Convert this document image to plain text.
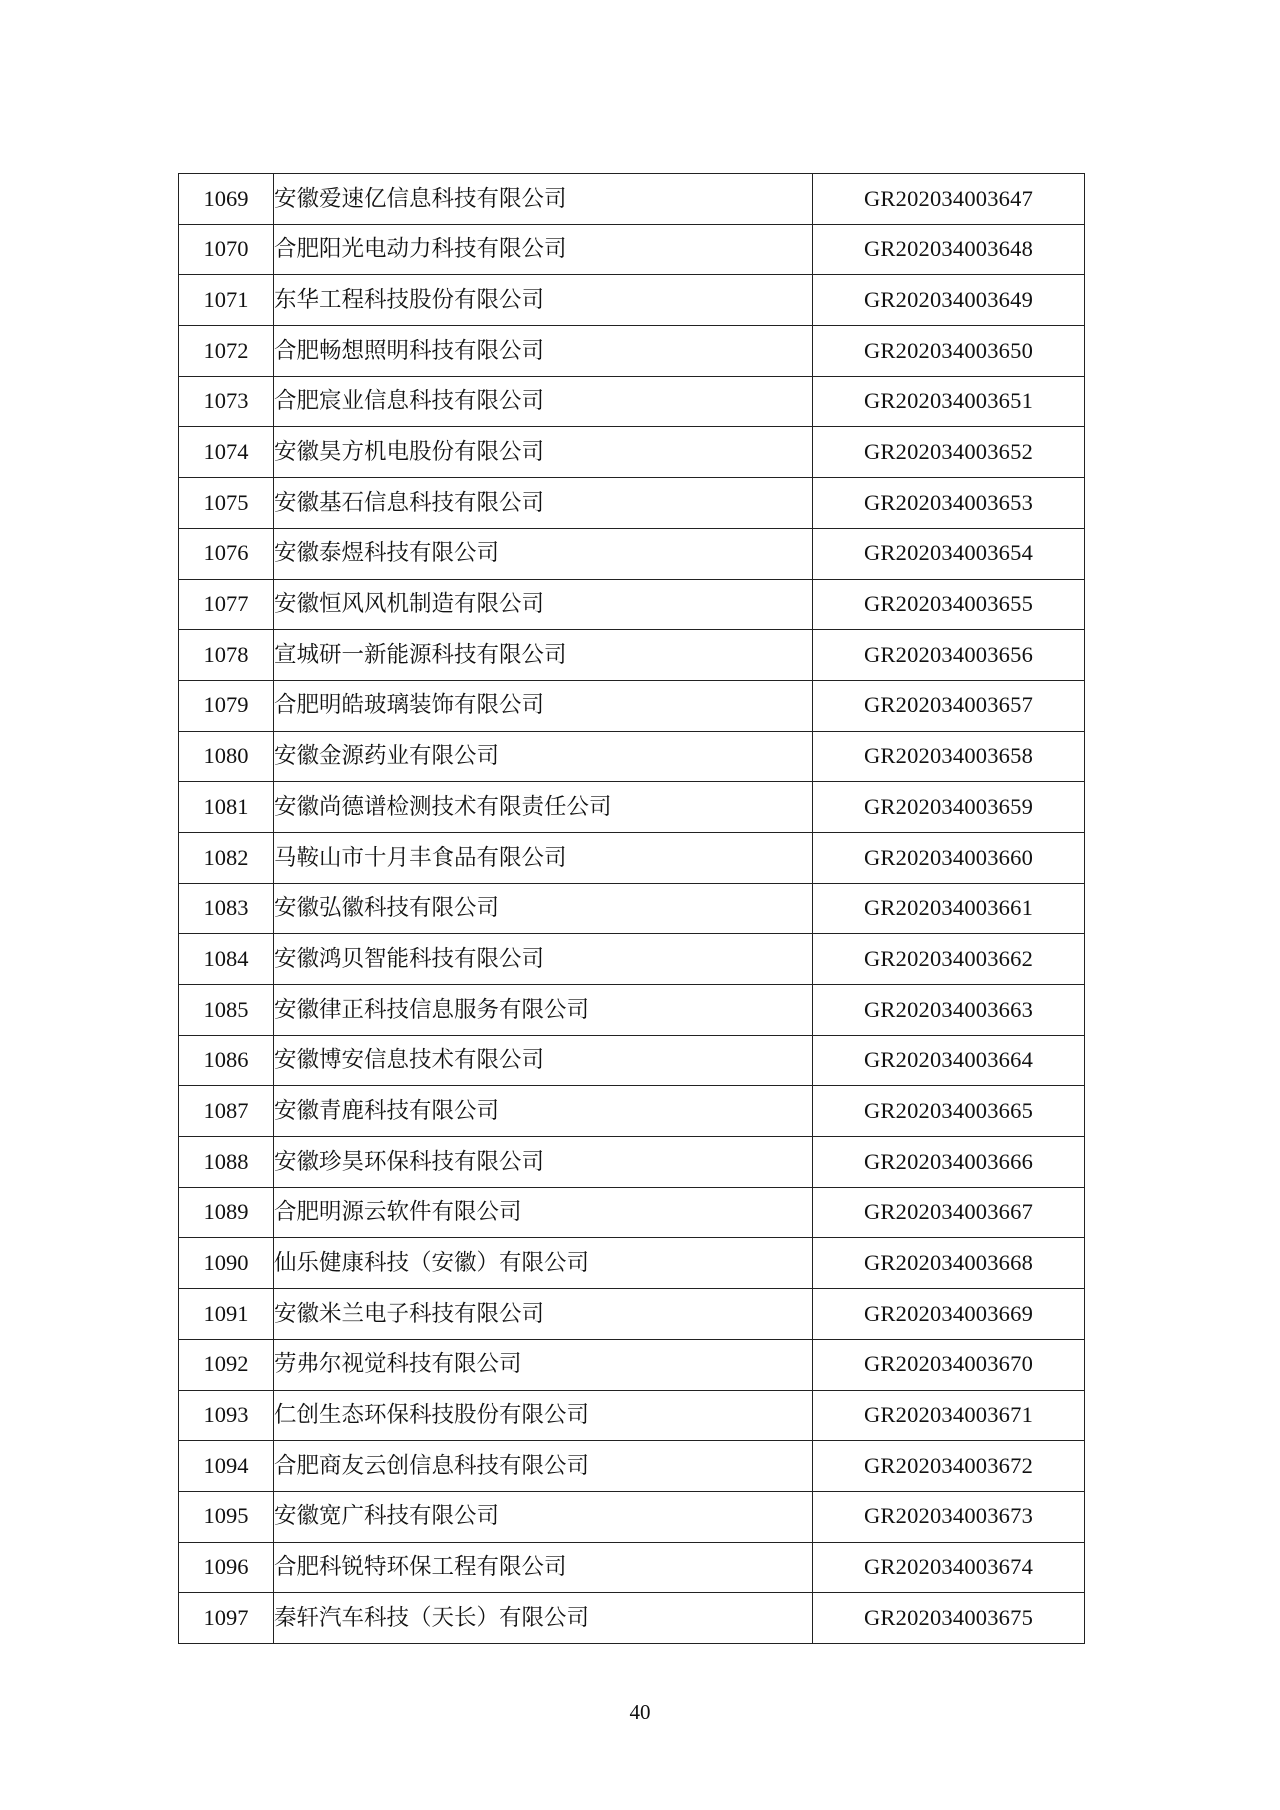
1069	安徽爱速亿信息科技有限公司	GR202034003647
1070	合肥阳光电动力科技有限公司	GR202034003648
1071	东华工程科技股份有限公司	GR202034003649
1072	合肥畅想照明科技有限公司	GR202034003650
1073	合肥宸业信息科技有限公司	GR202034003651
1074	安徽昊方机电股份有限公司	GR202034003652
1075	安徽基石信息科技有限公司	GR202034003653
1076	安徽泰煜科技有限公司	GR202034003654
1077	安徽恒风风机制造有限公司	GR202034003655
1078	宣城研一新能源科技有限公司	GR202034003656
1079	合肥明皓玻璃装饰有限公司	GR202034003657
1080	安徽金源药业有限公司	GR202034003658
1081	安徽尚德谱检测技术有限责任公司	GR202034003659
1082	马鞍山市十月丰食品有限公司	GR202034003660
1083	安徽弘徽科技有限公司	GR202034003661
1084	安徽鸿贝智能科技有限公司	GR202034003662
1085	安徽律正科技信息服务有限公司	GR202034003663
1086	安徽博安信息技术有限公司	GR202034003664
1087	安徽青鹿科技有限公司	GR202034003665
1088	安徽珍昊环保科技有限公司	GR202034003666
1089	合肥明源云软件有限公司	GR202034003667
1090	仙乐健康科技（安徽）有限公司	GR202034003668
1091	安徽米兰电子科技有限公司	GR202034003669
1092	劳弗尔视觉科技有限公司	GR202034003670
1093	仁创生态环保科技股份有限公司	GR202034003671
1094	合肥商友云创信息科技有限公司	GR202034003672
1095	安徽宽广科技有限公司	GR202034003673
1096	合肥科锐特环保工程有限公司	GR202034003674
1097	秦轩汽车科技（天长）有限公司	GR202034003675
40
